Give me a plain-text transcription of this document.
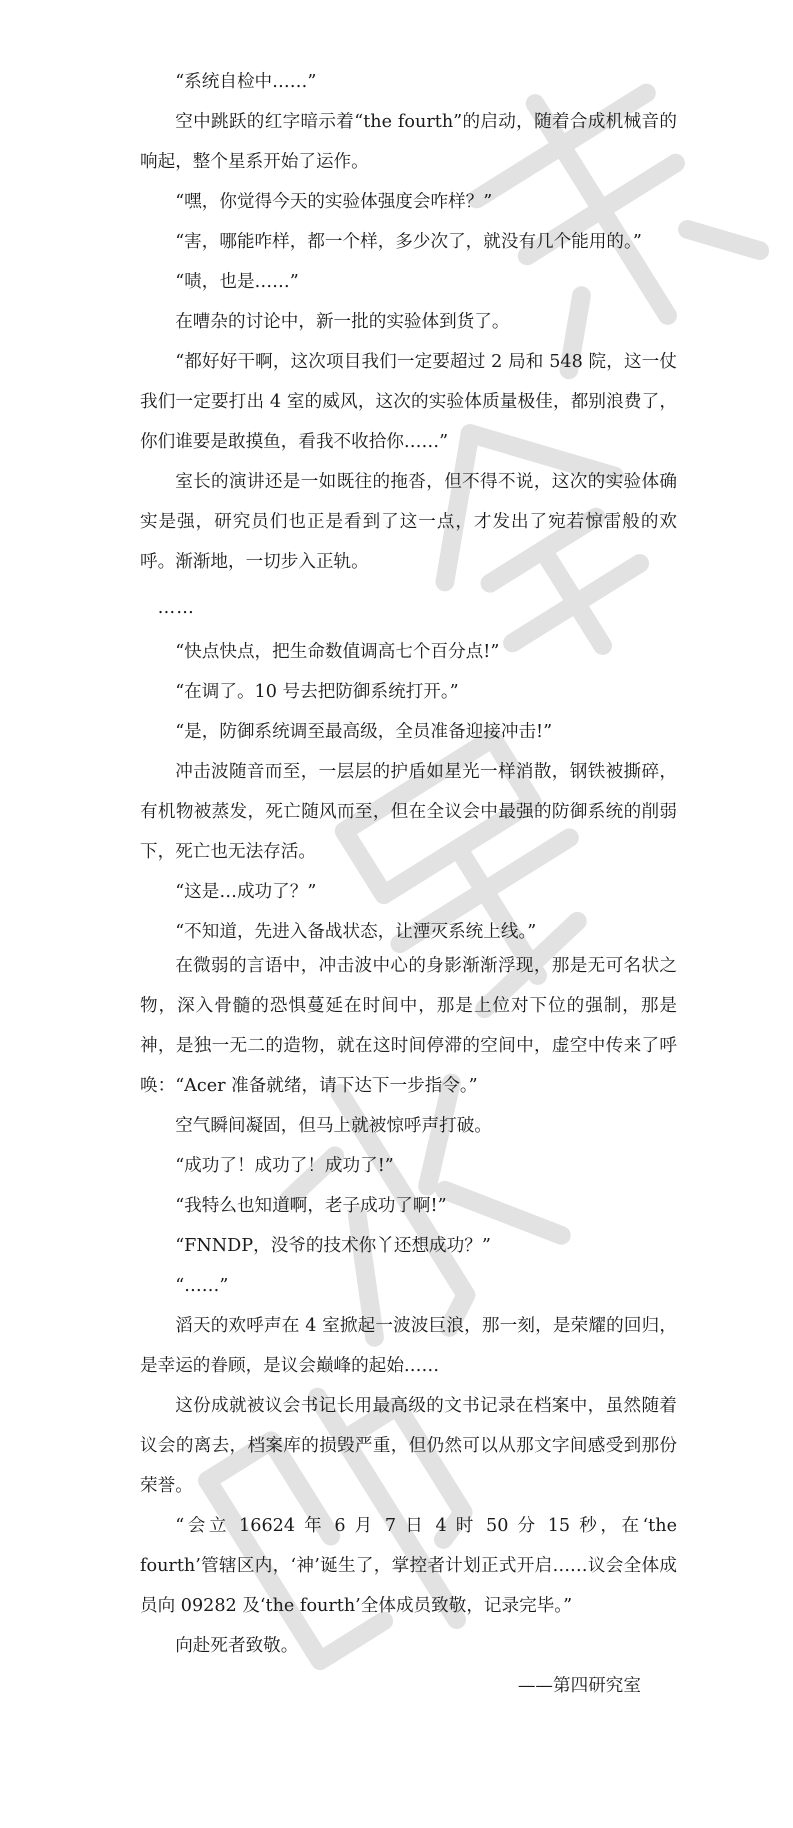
“系统自检中……”

空中跳跃的红字暗示着“the fourth”的启动，随着合成机械音的响起，整个星系开始了运作。

“嘿，你觉得今天的实验体强度会咋样？”

“害，哪能咋样，都一个样，多少次了，就没有几个能用的。”

“啧，也是……”

在嘈杂的讨论中，新一批的实验体到货了。

“都好好干啊，这次项目我们一定要超过 2 局和 548 院，这一仗我们一定要打出 4 室的威风，这次的实验体质量极佳，都别浪费了，你们谁要是敢摸鱼，看我不收拾你……”

室长的演讲还是一如既往的拖沓，但不得不说，这次的实验体确实是强，研究员们也正是看到了这一点，才发出了宛若惊雷般的欢呼。渐渐地，一切步入正轨。

……

“快点快点，把生命数值调高七个百分点!”

“在调了。10 号去把防御系统打开。”

“是，防御系统调至最高级，全员准备迎接冲击!”

冲击波随音而至，一层层的护盾如星光一样消散，钢铁被撕碎，有机物被蒸发，死亡随风而至，但在全议会中最强的防御系统的削弱下，死亡也无法存活。

“这是…成功了？”

“不知道，先进入备战状态，让湮灭系统上线。”

在微弱的言语中，冲击波中心的身影渐渐浮现，那是无可名状之物，深入骨髓的恐惧蔓延在时间中，那是上位对下位的强制，那是神，是独一无二的造物，就在这时间停滞的空间中，虚空中传来了呼唤：“Acer 准备就绪，请下达下一步指令。”

空气瞬间凝固，但马上就被惊呼声打破。

“成功了！成功了！成功了!”

“我特么也知道啊，老子成功了啊!”

“FNNDP，没爷的技术你丫还想成功？”

“……”

滔天的欢呼声在 4 室掀起一波波巨浪，那一刻，是荣耀的回归，是幸运的眷顾，是议会巅峰的起始……

这份成就被议会书记长用最高级的文书记录在档案中，虽然随着议会的离去，档案库的损毁严重，但仍然可以从那文字间感受到那份荣誉。

“会立 16624 年 6 月 7 日 4 时 50 分 15 秒，在‘the fourth’管辖区内，‘神’诞生了，掌控者计划正式开启……议会全体成员向 09282 及‘the fourth’全体成员致敬，记录完毕。”

向赴死者致敬。

——第四研究室
